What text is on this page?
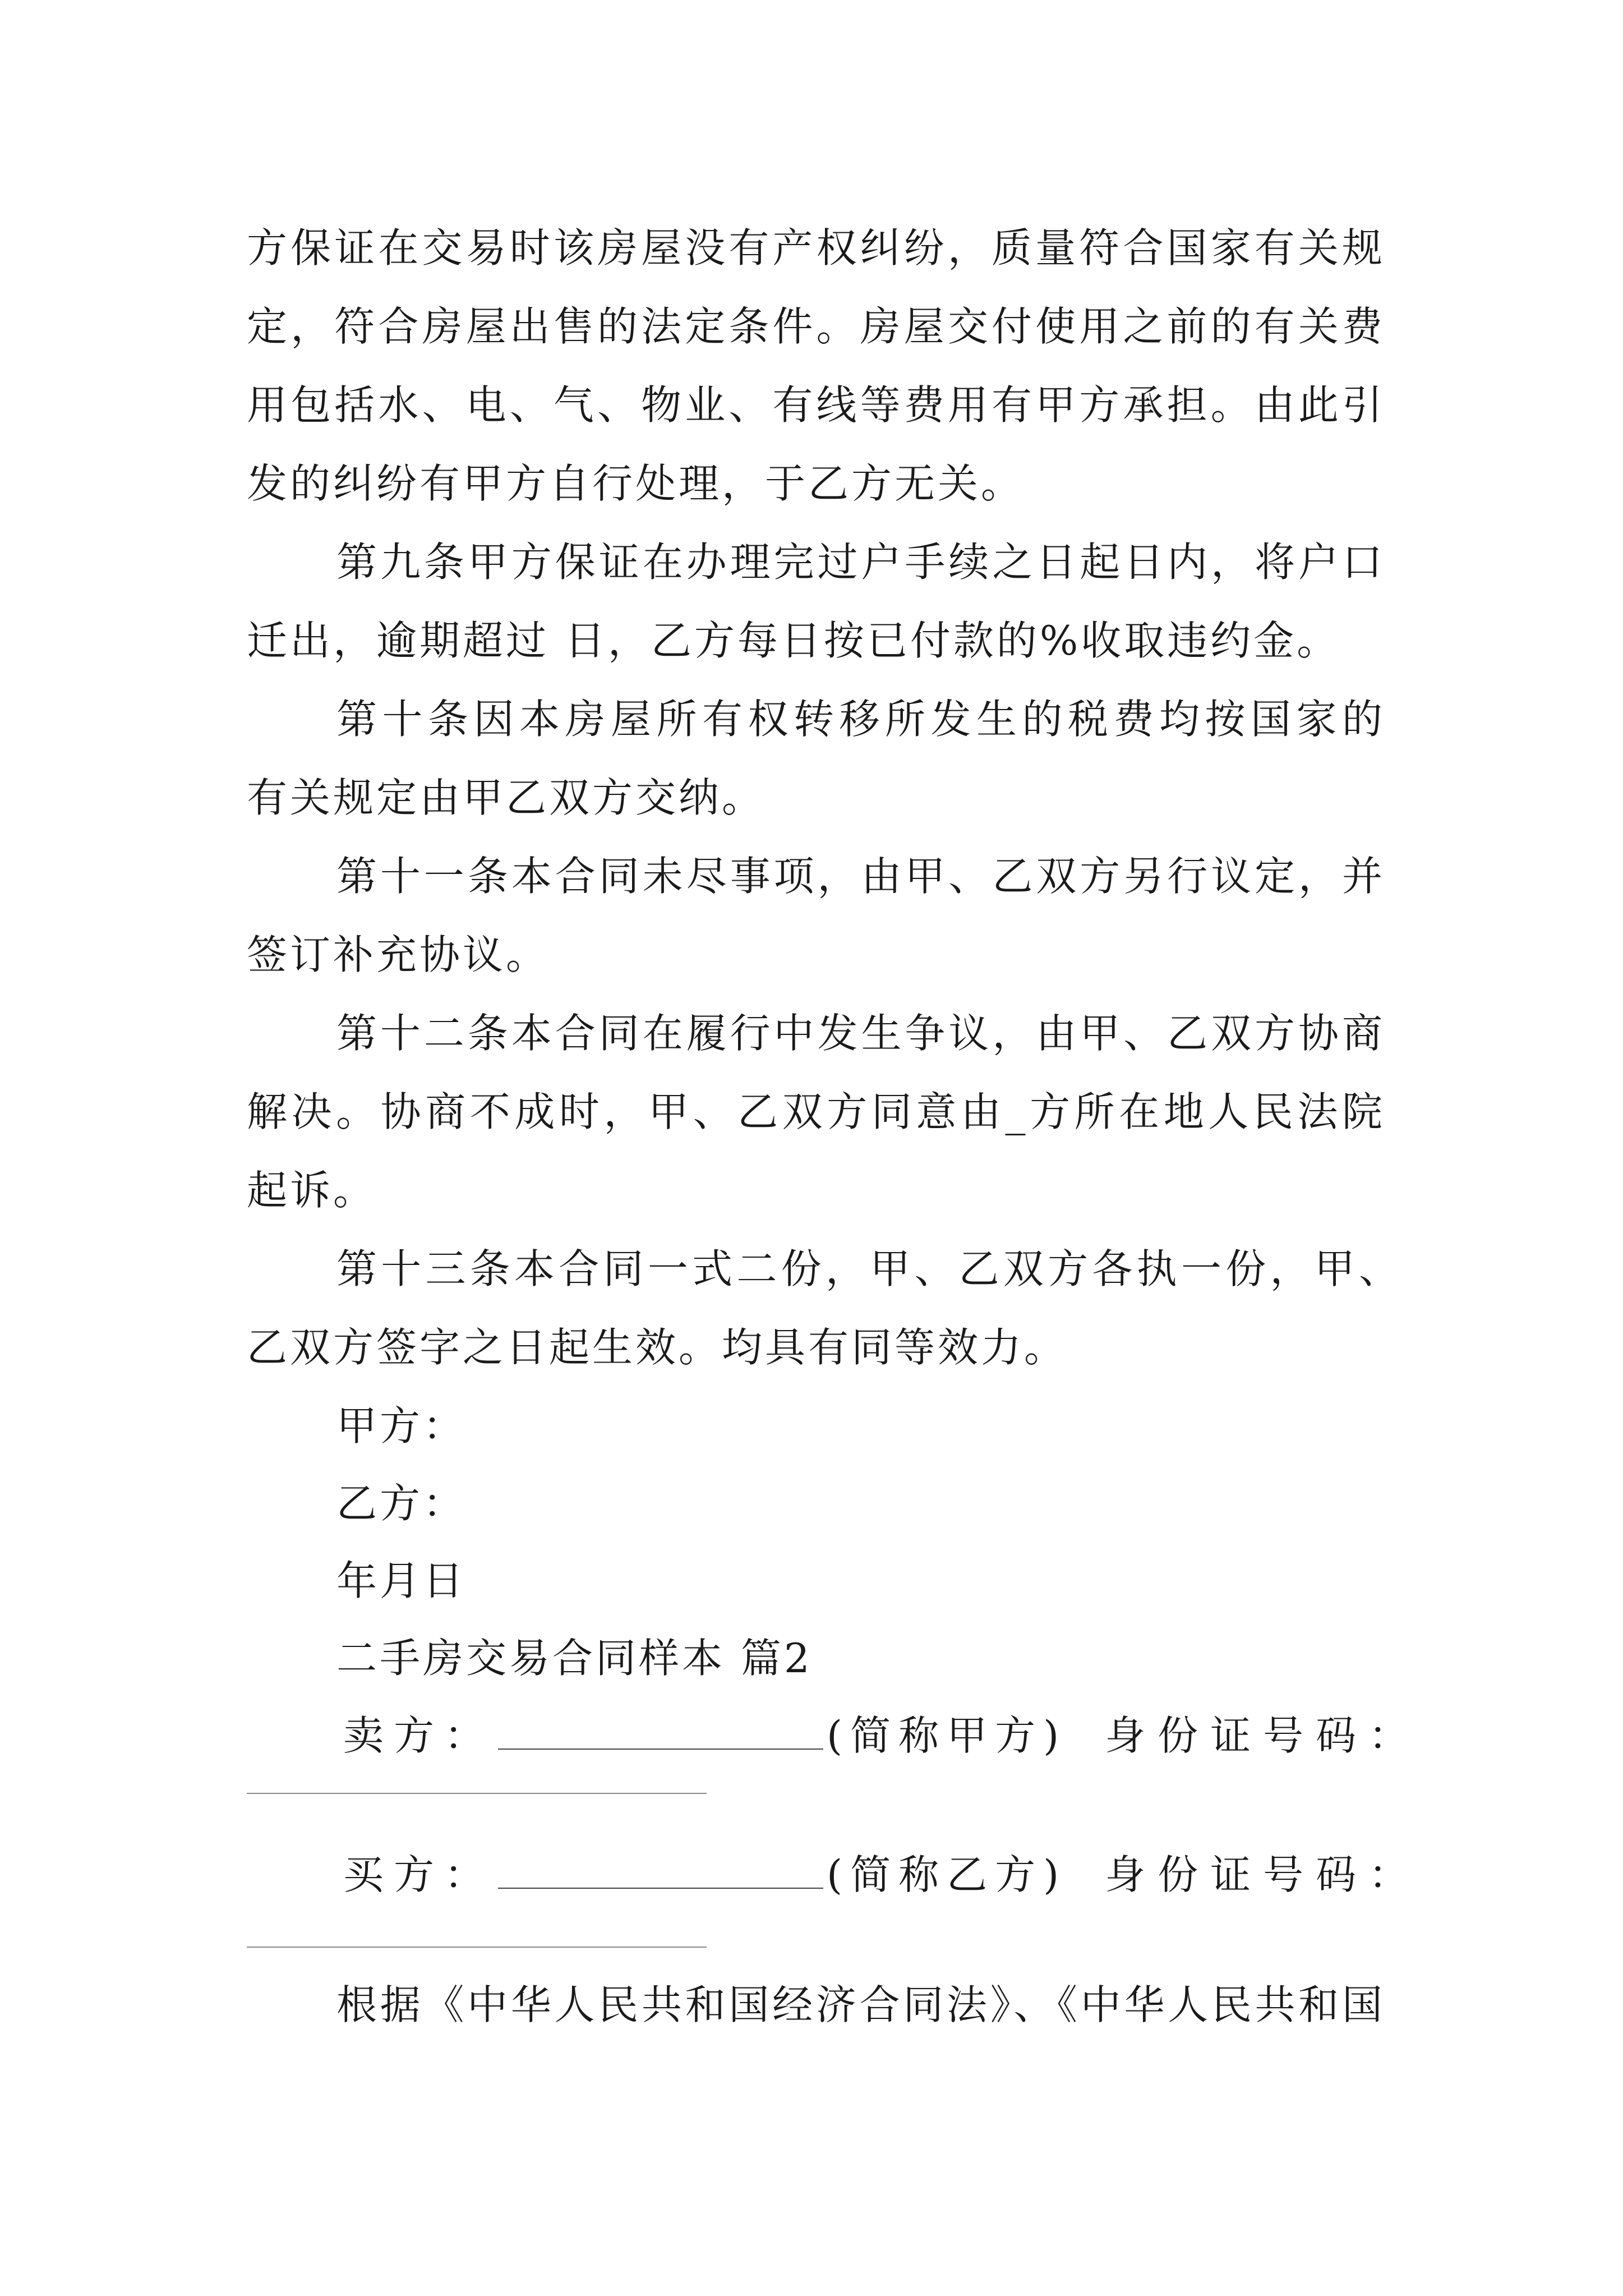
方保证在交易时该房屋没有产权纠纷，质量符合国家有关规
定，符合房屋出售的法定条件。房屋交付使用之前的有关费
用包括水、电、气、物业、有线等费用有甲方承担。由此引
发的纠纷有甲方自行处理，于乙方无关。
第九条甲方保证在办理完过户手续之日起日内，将户口
迁出，逾期超过 日，乙方每日按已付款的%收取违约金。
第十条因本房屋所有权转移所发生的税费均按国家的
有关规定由甲乙双方交纳。
第十一条本合同未尽事项，由甲、乙双方另行议定，并
签订补充协议。
第十二条本合同在履行中发生争议，由甲、乙双方协商
解决。协商不成时，甲、乙双方同意由_方所在地人民法院
起诉。
第十三条本合同一式二份，甲、乙双方各执一份，甲、
乙双方签字之日起生效。均具有同等效力。
甲方：
乙方：
年月日
二手房交易合同样本 篇2
卖方：	(简称甲方) 身份证号码：
买方：	(简称乙方) 身份证号码：
根据《中华人民共和国经济合同法》、《中华人民共和国
